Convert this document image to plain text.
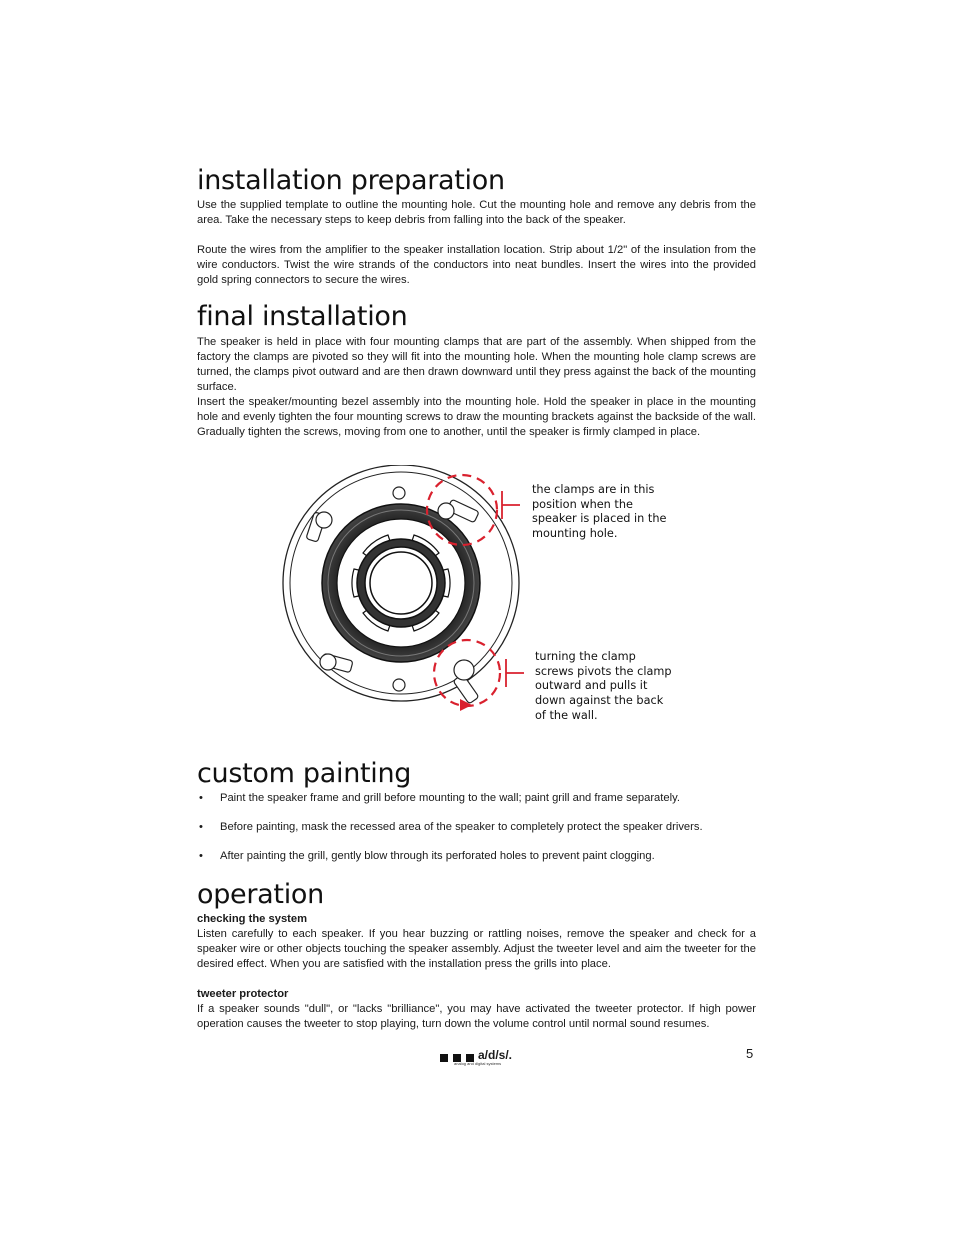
installation preparation

Use the supplied template to outline the mounting hole. Cut the mounting hole and remove any debris from the area. Take the necessary steps to keep debris from falling into the back of the speaker.

Route the wires from the amplifier to the speaker installation location. Strip about 1/2" of the insulation from the wire conductors. Twist the wire strands of the conductors into neat bundles. Insert the wires into the provided gold spring connectors to secure the wires.

final installation

The speaker is held in place with four mounting clamps that are part of the assembly. When shipped from the factory the clamps are pivoted so they will fit into the mounting hole. When the mounting hole clamp screws are turned, the clamps pivot outward and are then drawn downward until they press against the back of the mounting surface.

Insert the speaker/mounting bezel assembly into the mounting hole. Hold the speaker in place in the mounting hole and evenly tighten the four mounting screws to draw the mounting brackets against the backside of the wall. Gradually tighten the screws, moving from one to another, until the speaker is firmly clamped in place.

custom painting
• Paint the speaker frame and grill before mounting to the wall; paint grill and frame separately.
• Before painting, mask the recessed area of the speaker to completely protect the speaker drivers.
• After painting the grill, gently blow through its perforated holes to prevent paint clogging.
operation
checking the system

Listen carefully to each speaker. If you hear buzzing or rattling noises, remove the speaker and check for a speaker wire or other objects touching the speaker assembly. Adjust the tweeter level and aim the tweeter for the desired effect. When you are satisfied with the installation press the grills into place.

tweeter protector

If a speaker sounds "dull", or "lacks "brilliance", you may have activated the tweeter protector. If high power operation causes the tweeter to stop playing, turn down the volume control until normal sound resumes.

the clamps are in this
position when the
speaker is placed in the
mounting hole.
turning the clamp
screws pivots the clamp
outward and pulls it
down against the back
of the wall.
a/d/s/.
analog and digital systems
5
